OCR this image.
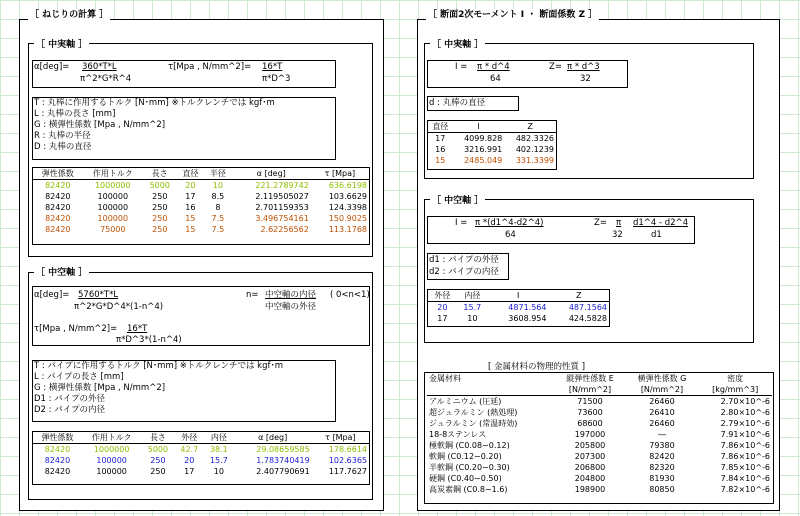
［ ねじりの計算 ］
［ 中実軸 ］
α[deg]= 360*T*L
π^2*G*R^4
τ[Mpa , N/mm^2]= 16*T
π*D^3
T : 丸棒に作用するトルク [N･mm] ※トルクレンチでは kgf･m
L : 丸棒の長さ [mm]
G : 横弾性係数 [Mpa , N/mm^2]
R : 丸棒の半径
D : 丸棒の直径
弾性係数	作用トルク	長さ	直径	半径	α [deg]	τ [Mpa]
82420	1000000	5000	20	10	221.2789742	636.6198
82420	100000	250	17	8.5	2.119505027	103.6629
82420	100000	250	16	8	2.701159353	124.3398
82420	100000	250	15	7.5	3.496754161	150.9025
82420	75000	250	15	7.5	2.62256562	113.1768
［ 中空軸 ］
α[deg]= 5760*T*L
π^2*G*D^4*(1-n^4)
n= 中空軸の内径 ( 0<n<1)
中空軸の外径
τ[Mpa , N/mm^2]= 16*T
π*D^3*(1-n^4)
T : パイプに作用するトルク [N･mm] ※トルクレンチでは kgf･m
L : パイプの長さ [mm]
G : 横弾性係数 [Mpa , N/mm^2]
D1 : パイプの外径
D2 : パイプの内径
弾性係数	作用トルク	長さ	外径	内径	α [deg]	τ [Mpa]
82420	1000000	5000	42.7	38.1	29.08659585	178.6614
82420	100000	250	20	15.7	1.783740419	102.6365
82420	100000	250	17	10	2.407790691	117.7627
［ 断面2次モーメント I ・ 断面係数 Z ］
［ 中実軸 ］
I = π * d^4
64
Z= π * d^3
32
d : 丸棒の直径
直径	I	Z
17	4099.828	482.3326
16	3216.991	402.1239
15	2485.049	331.3399
［ 中空軸 ］
I = π *(d1^4-d2^4)
64
Z= π d1^4 - d2^4
32	d1
d1 : パイプの外径
d2 : パイプの内径
外径	内径	I	Z
20	15.7	4871.564	487.1564
17	10	3608.954	424.5828
[ 金属材料の物理的性質 ]
金属材料	縦弾性係数 E	横弾性係数 G	密度
	[N/mm^2]	[N/mm^2]	[kg/mm^3]
アルミニウム (圧延)	71500	26460	2.70×10^-6
超ジュラルミン (熱処理)	73600	26410	2.80×10^-6
ジュラルミン (常温時効)	68600	26460	2.79×10^-6
18-8ステンレス	197000	―	7.91×10^-6
極軟鋼 (C0.08∼0.12)	205800	79380	7.86×10^-6
軟鋼 (C0.12∼0.20)	207300	82420	7.86×10^-6
半軟鋼 (C0.20∼0.30)	206800	82320	7.85×10^-6
硬鋼 (C0.40∼0.50)	204800	81930	7.84×10^-6
高炭素鋼 (C0.8∼1.6)	198900	80850	7.82×10^-6
